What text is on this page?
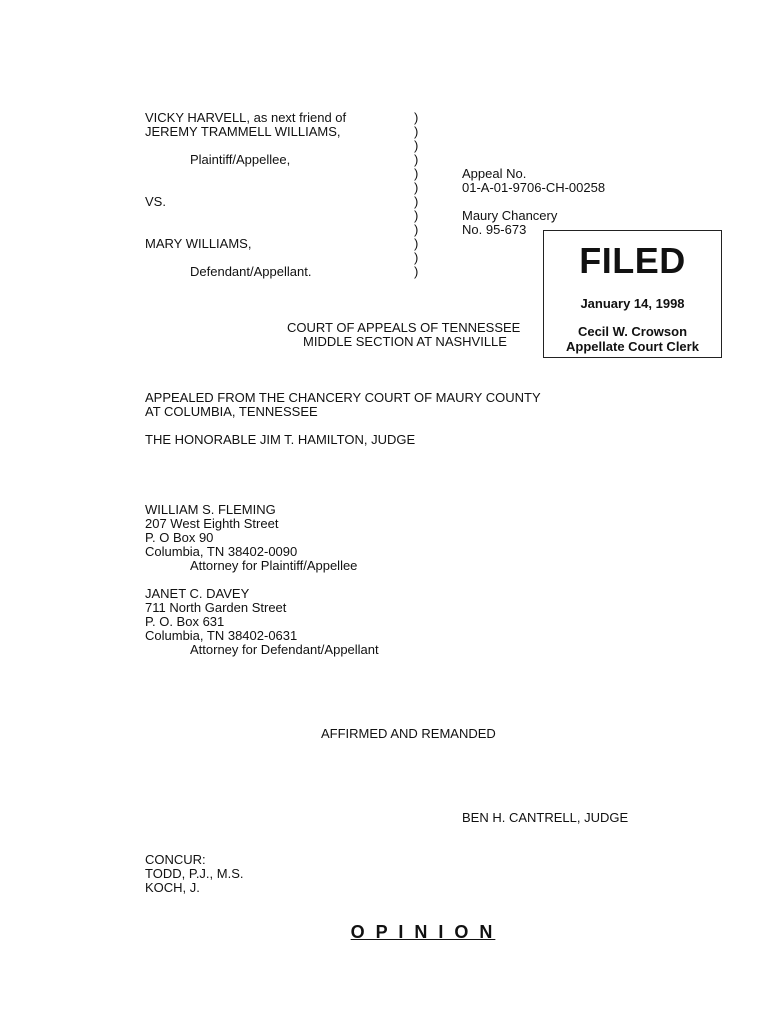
VICKY HARVELL, as next friend of
JEREMY TRAMMELL WILLIAMS,
Plaintiff/Appellee,
VS.
MARY WILLIAMS,
Defendant/Appellant.
)
)
)
)
)
)
)
)
)
)
)
)
Appeal No.
01-A-01-9706-CH-00258
Maury Chancery
No. 95-673
COURT OF APPEALS OF TENNESSEE
MIDDLE SECTION AT NASHVILLE
FILED
January 14, 1998
Cecil W. Crowson
Appellate Court Clerk
APPEALED FROM THE CHANCERY COURT OF MAURY COUNTY
AT COLUMBIA, TENNESSEE
THE HONORABLE JIM T. HAMILTON, JUDGE
WILLIAM S. FLEMING
207 West Eighth Street
P. O Box 90
Columbia, TN 38402-0090
Attorney for Plaintiff/Appellee
JANET C. DAVEY
711 North Garden Street
P. O. Box 631
Columbia, TN 38402-0631
Attorney for Defendant/Appellant
AFFIRMED AND REMANDED
BEN H. CANTRELL, JUDGE
CONCUR:
TODD, P.J., M.S.
KOCH, J.
O P I N I O N
